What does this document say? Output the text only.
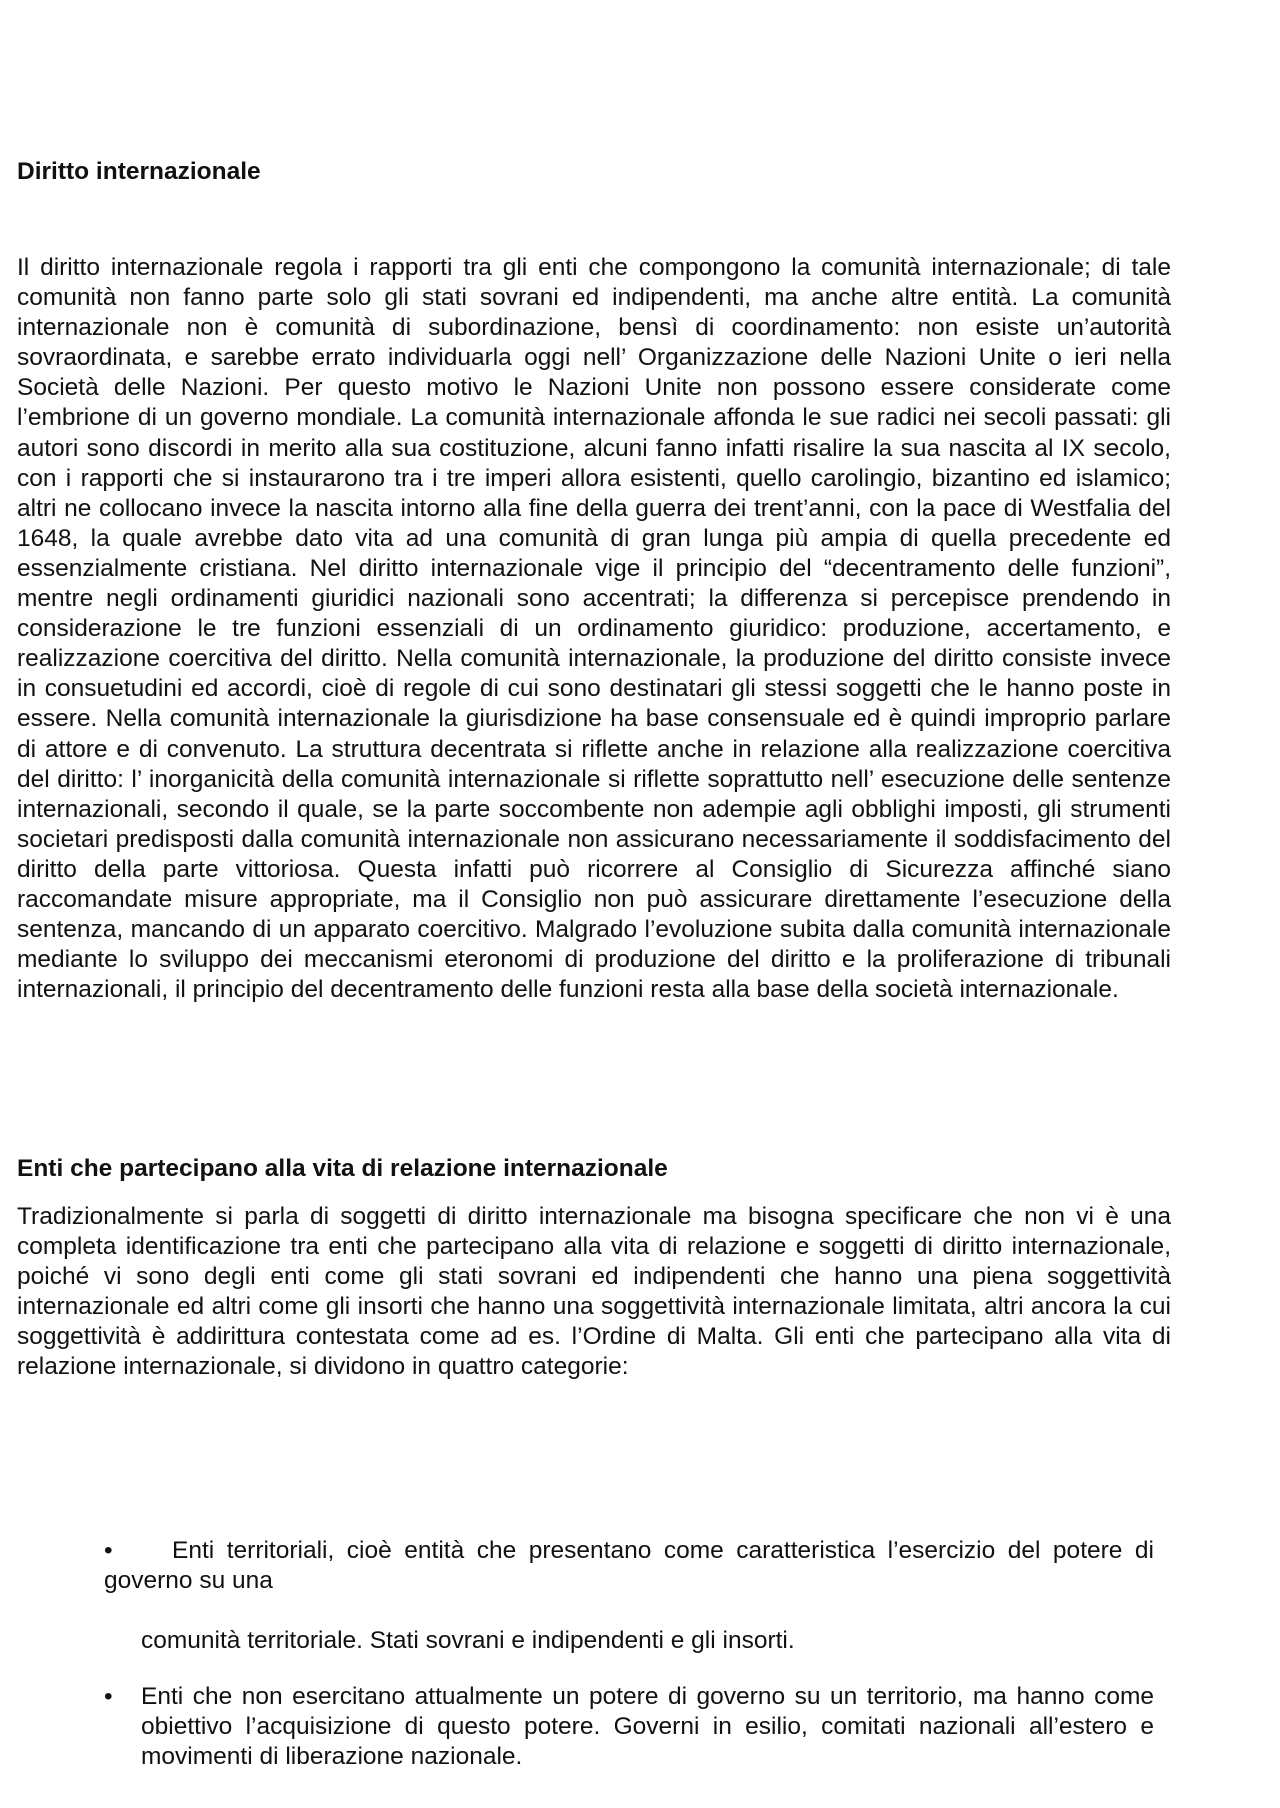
Diritto internazionale

Il diritto internazionale regola i rapporti tra gli enti che compongono la comunità internazionale; di tale comunità non fanno parte solo gli stati sovrani ed indipendenti, ma anche altre entità. La comunità internazionale non è comunità di subordinazione, bensì di coordinamento: non esiste un’autorità sovraordinata, e sarebbe errato individuarla oggi nell’ Organizzazione delle Nazioni Unite o ieri nella Società delle Nazioni. Per questo motivo le Nazioni Unite non possono essere considerate come l’embrione di un governo mondiale. La comunità internazionale affonda le sue radici nei secoli passati: gli autori sono discordi in merito alla sua costituzione, alcuni fanno infatti risalire la sua nascita al IX secolo, con i rapporti che si instaurarono tra i tre imperi allora esistenti, quello carolingio, bizantino ed islamico; altri ne collocano invece la nascita intorno alla fine della guerra dei trent’anni, con la pace di Westfalia del 1648, la quale avrebbe dato vita ad una comunità di gran lunga più ampia di quella precedente ed essenzialmente cristiana. Nel diritto internazionale vige il principio del “decentramento delle funzioni”, mentre negli ordinamenti giuridici nazionali sono accentrati; la differenza si percepisce prendendo in considerazione le tre funzioni essenziali di un ordinamento giuridico: produzione, accertamento, e realizzazione coercitiva del diritto. Nella comunità internazionale, la produzione del diritto consiste invece in consuetudini ed accordi, cioè di regole di cui sono destinatari gli stessi soggetti che le hanno poste in essere. Nella comunità internazionale la giurisdizione ha base consensuale ed è quindi improprio parlare di attore e di convenuto. La struttura decentrata si riflette anche in relazione alla realizzazione coercitiva del diritto: l’ inorganicità della comunità internazionale si riflette soprattutto nell’ esecuzione delle sentenze internazionali, secondo il quale, se la parte soccombente non adempie agli obblighi imposti, gli strumenti societari predisposti dalla comunità internazionale non assicurano necessariamente il soddisfacimento del diritto della parte vittoriosa. Questa infatti può ricorrere al Consiglio di Sicurezza affinché siano raccomandate misure appropriate, ma il Consiglio non può assicurare direttamente l’esecuzione della sentenza, mancando di un apparato coercitivo. Malgrado l’evoluzione subita dalla comunità internazionale mediante lo sviluppo dei meccanismi eteronomi di produzione del diritto e la proliferazione di tribunali internazionali, il principio del decentramento delle funzioni resta alla base della società internazionale.

Enti che partecipano alla vita di relazione internazionale

Tradizionalmente si parla di soggetti di diritto internazionale ma bisogna specificare che non vi è una completa identificazione tra enti che partecipano alla vita di relazione e soggetti di diritto internazionale, poiché vi sono degli enti come gli stati sovrani ed indipendenti che hanno una piena soggettività internazionale ed altri come gli insorti che hanno una soggettività internazionale limitata, altri ancora la cui soggettività è addirittura contestata come ad es. l’Ordine di Malta. Gli enti che partecipano alla vita di relazione internazionale, si dividono in quattro categorie:

•	Enti territoriali, cioè entità che presentano come caratteristica l’esercizio del potere di governo su una

comunità territoriale. Stati sovrani e indipendenti e gli insorti.

•	Enti che non esercitano attualmente un potere di governo su un territorio, ma hanno come obiettivo l’acquisizione di questo potere. Governi in esilio, comitati nazionali all’estero e movimenti di liberazione nazionale.
